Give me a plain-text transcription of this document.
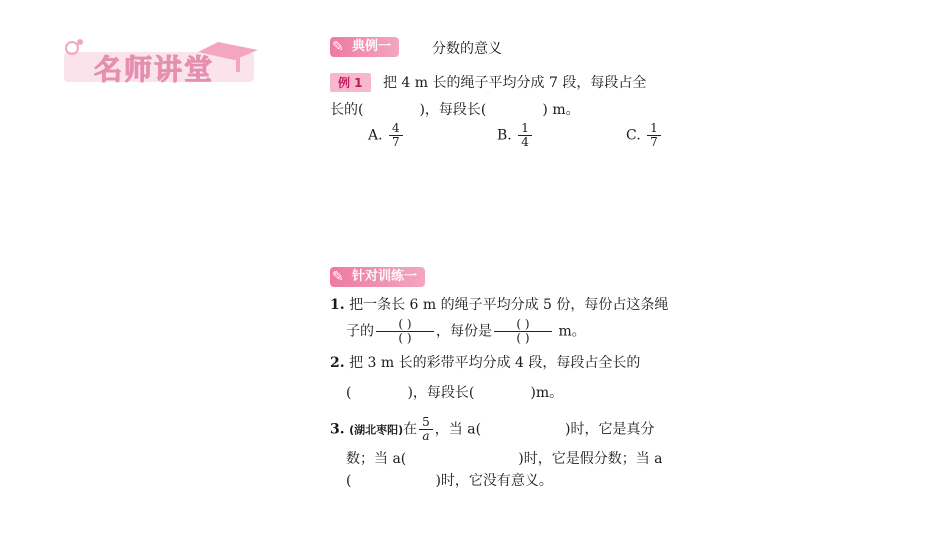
名师讲堂
✎ 典例一	分数的意义
例 1 把 4 m 长的绳子平均分成 7 段，每段占全
长的(	)，每段长(	) m。
A. $\frac{4}{7}$	B. $\frac{1}{4}$	C. $\frac{1}{7}$
✎ 针对训练一
1. 把一条长 6 m 的绳子平均分成 5 份，每份占这条绳
子的 $\frac{( )}{( )}$ ，每份是 $\frac{( )}{( )}$ m。
2. 把 3 m 长的彩带平均分成 4 段，每段占全长的
(	)，每段长(	)m。
3. (湖北枣阳)在 $\frac{5}{a}$ ，当 a(	)时，它是真分
数；当 a(	)时，它是假分数；当 a
(	)时，它没有意义。
